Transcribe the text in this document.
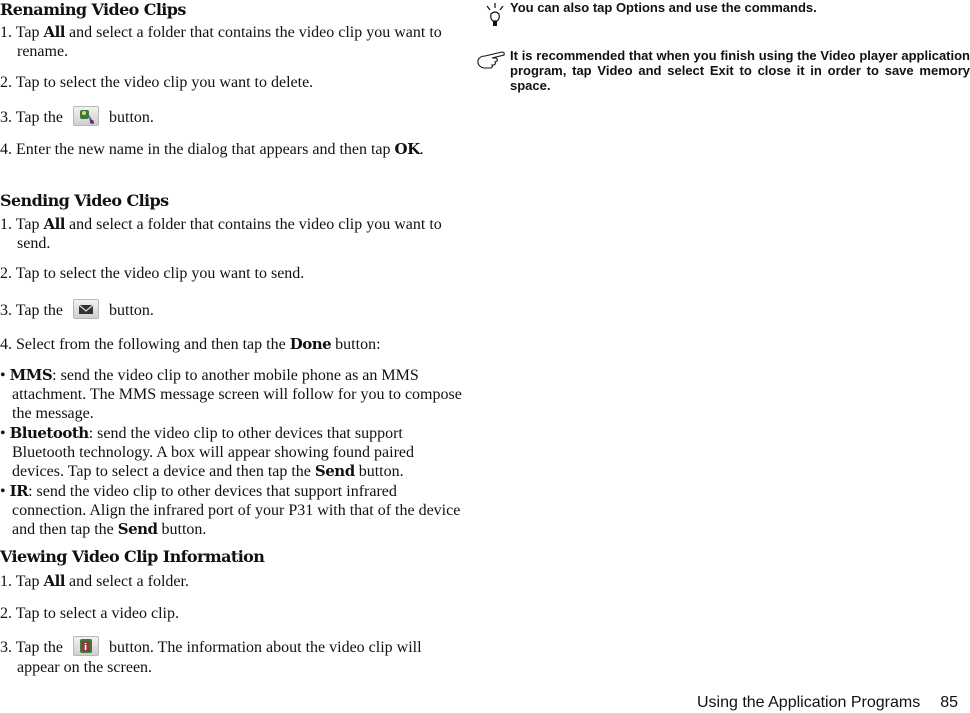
Renaming Video Clips

1. Tap All and select a folder that contains the video clip you want to rename.

2. Tap to select the video clip you want to delete.

3. Tap the	a button.

4. Enter the new name in the dialog that appears and then tap OK.

Sending Video Clips

1. Tap All and select a folder that contains the video clip you want to send.

2. Tap to select the video clip you want to send.

3. Tap the
button.

4. Select from the following and then tap the Done button:

• MMS: send the video clip to another mobile phone as an MMS attachment. The MMS message screen will follow for you to compose the message.

• Bluetooth: send the video clip to other devices that support Bluetooth technology. A box will appear showing found paired devices. Tap to select a device and then tap the Send button.

• IR: send the video clip to other devices that support infrared connection. Align the infrared port of your P31 with that of the device and then tap the Send button.

Viewing Video Clip Information

1. Tap All and select a folder.

2. Tap to select a video clip.

3. Tap the i button. The information about the video clip will appear on the screen.

You can also tap Options and use the commands.

It is recommended that when you finish using the Video player application program, tap Video and select Exit to close it in order to save memory space.

Using the Application Programs 85
